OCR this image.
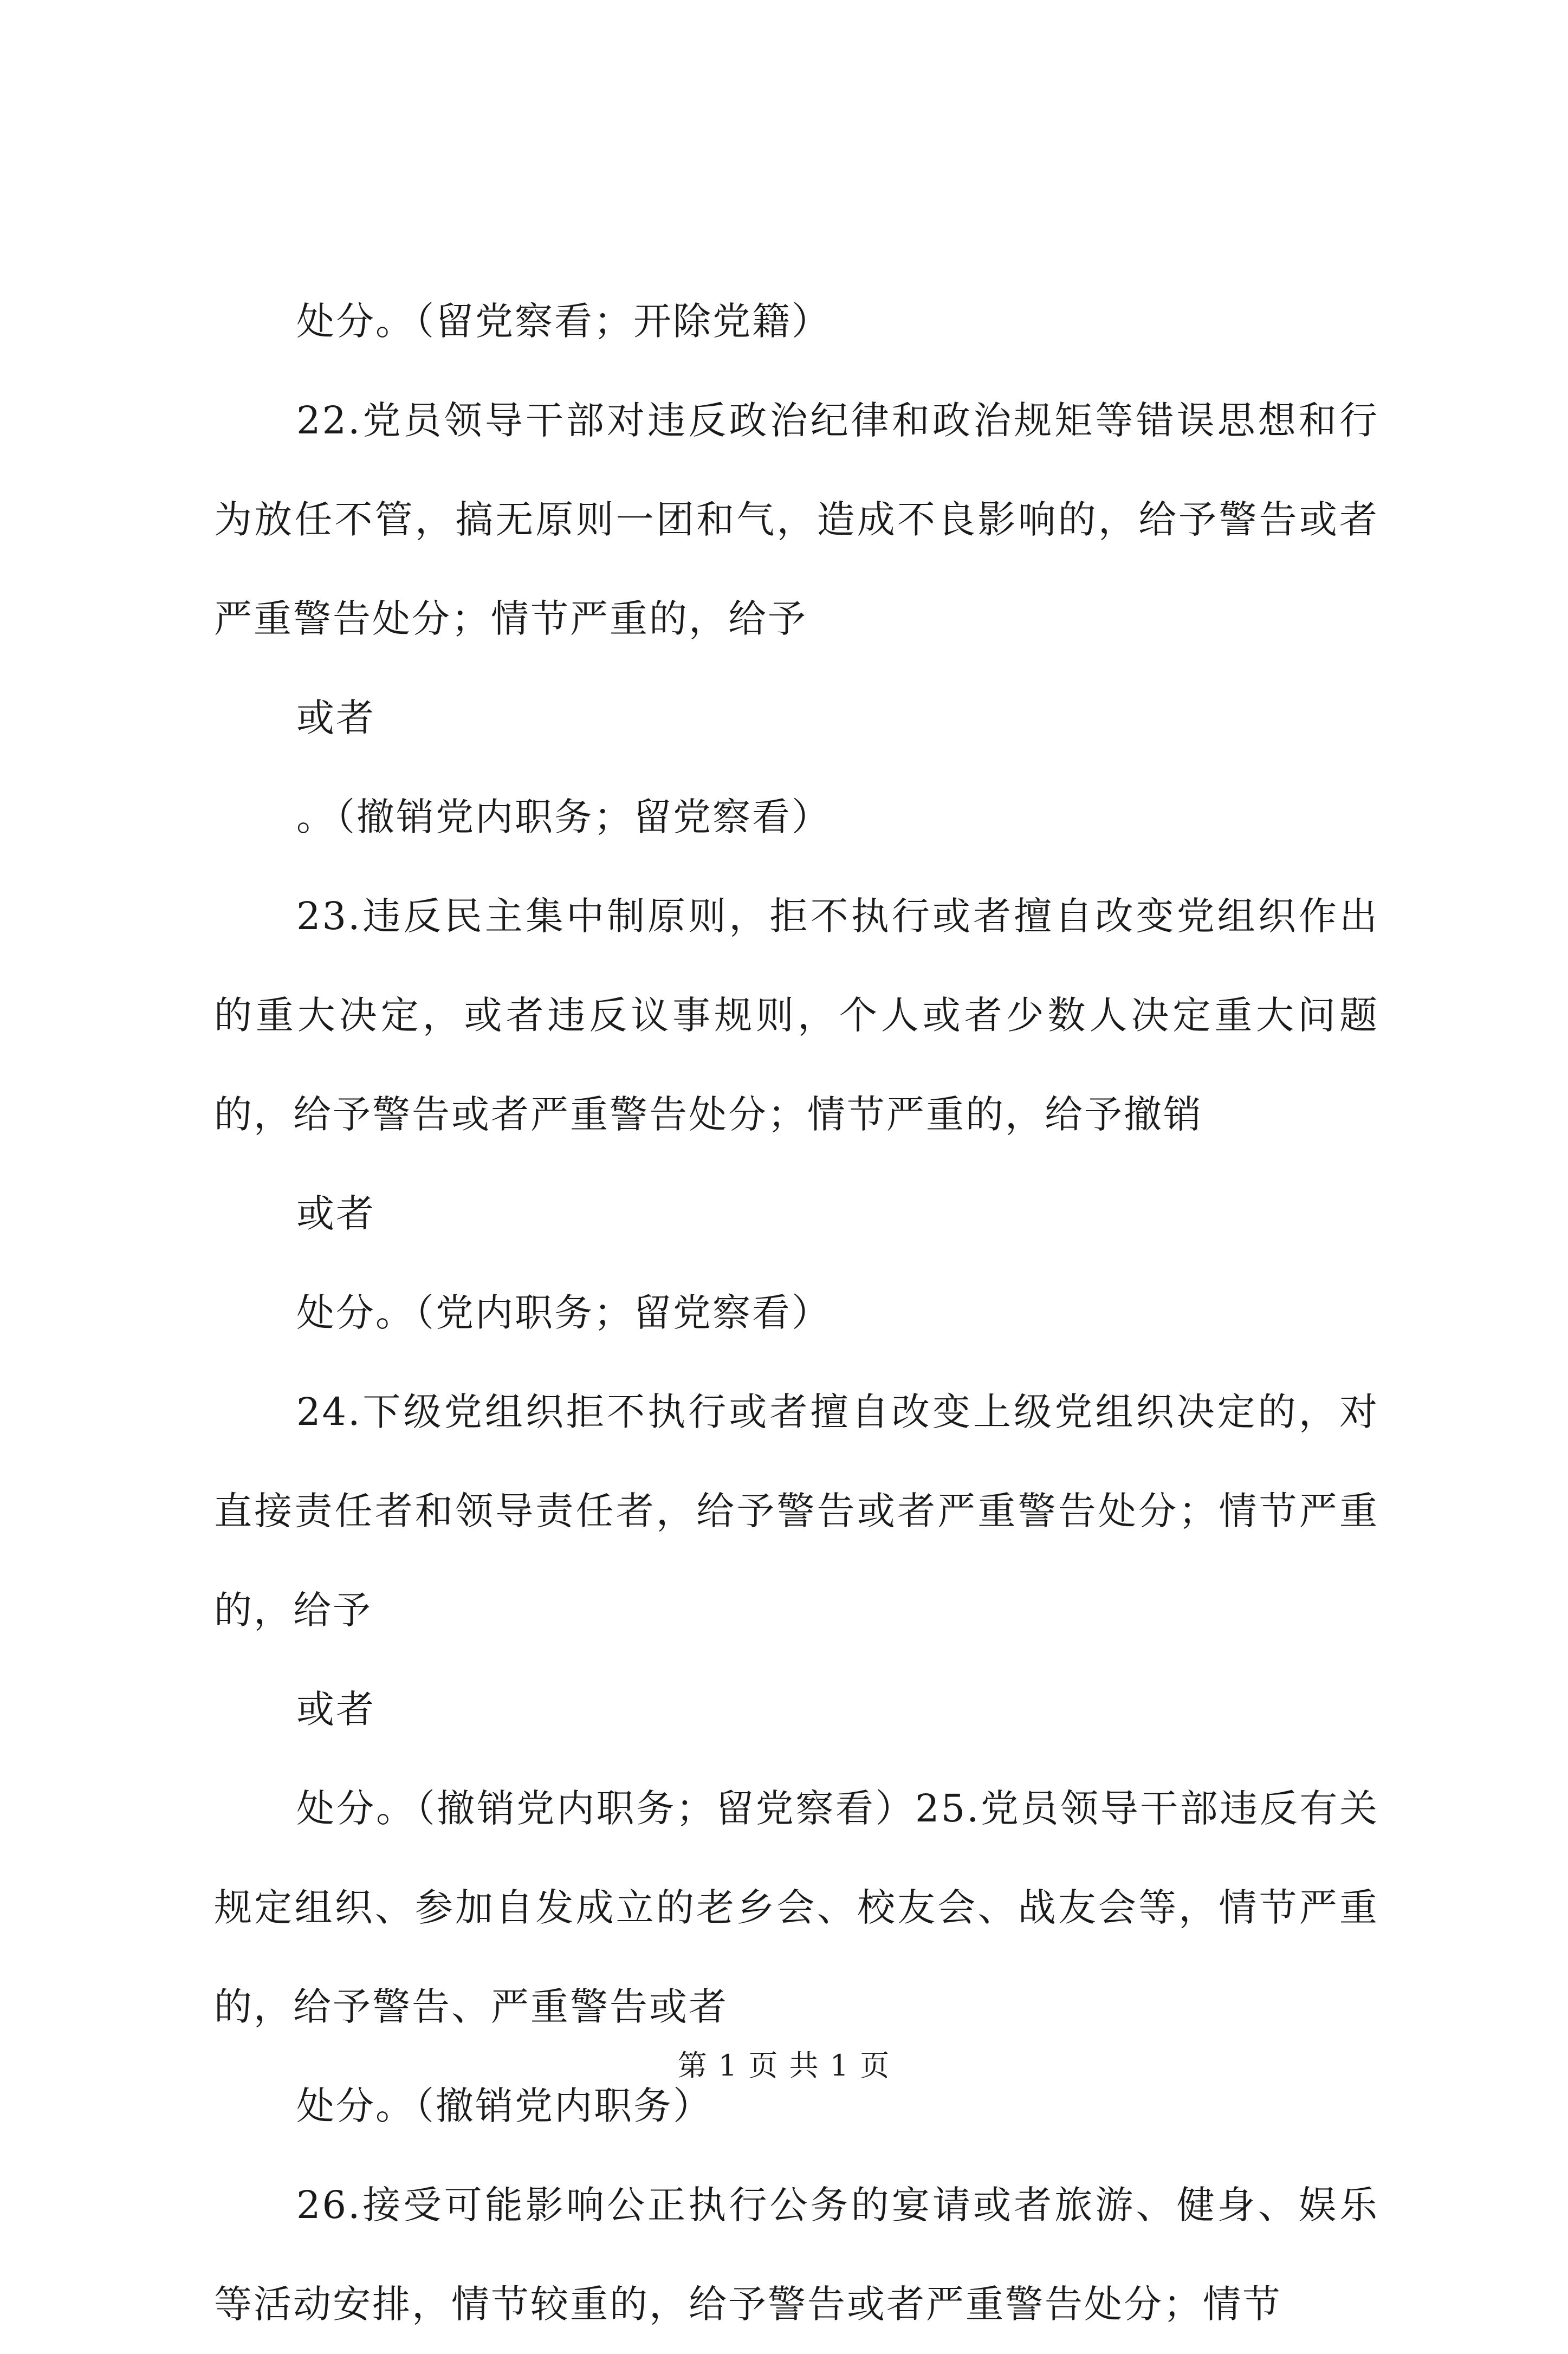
处分。（留党察看；开除党籍）

22.党员领导干部对违反政治纪律和政治规矩等错误思想和行为放任不管，搞无原则一团和气，造成不良影响的，给予警告或者严重警告处分；情节严重的，给予

或者

。（撤销党内职务；留党察看）

23.违反民主集中制原则，拒不执行或者擅自改变党组织作出的重大决定，或者违反议事规则，个人或者少数人决定重大问题的，给予警告或者严重警告处分；情节严重的，给予撤销

或者

处分。（党内职务；留党察看）

24.下级党组织拒不执行或者擅自改变上级党组织决定的，对直接责任者和领导责任者，给予警告或者严重警告处分；情节严重的，给予

或者

处分。（撤销党内职务；留党察看）25.党员领导干部违反有关规定组织、参加自发成立的老乡会、校友会、战友会等，情节严重的，给予警告、严重警告或者

处分。（撤销党内职务）

26.接受可能影响公正执行公务的宴请或者旅游、健身、娱乐等活动安排，情节较重的，给予警告或者严重警告处分；情节

第 1 页 共 1 页
